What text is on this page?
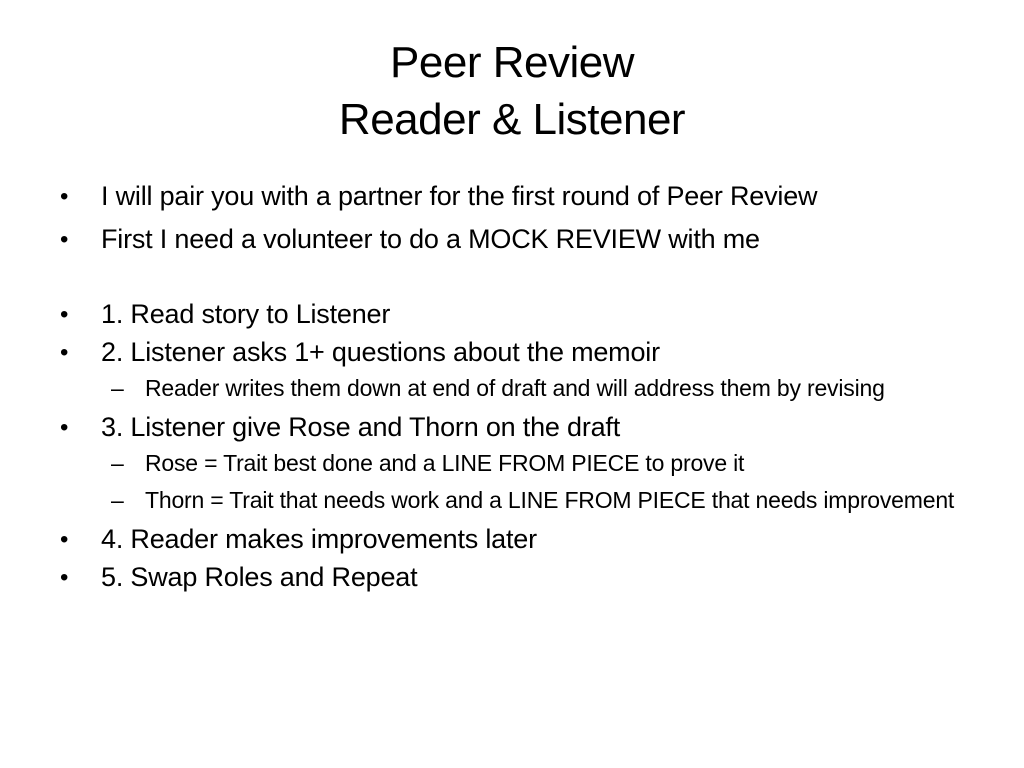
Peer Review
Reader & Listener
• I will pair you with a partner for the first round of Peer Review
• First I need a volunteer to do a MOCK REVIEW with me
• 1. Read story to Listener
• 2. Listener asks 1+ questions about the memoir
– Reader writes them down at end of draft and will address them by revising
• 3. Listener give Rose and Thorn on the draft
– Rose = Trait best done and a LINE FROM PIECE to prove it
– Thorn = Trait that needs work and a LINE FROM PIECE that needs improvement
• 4. Reader makes improvements later
• 5. Swap Roles and Repeat
